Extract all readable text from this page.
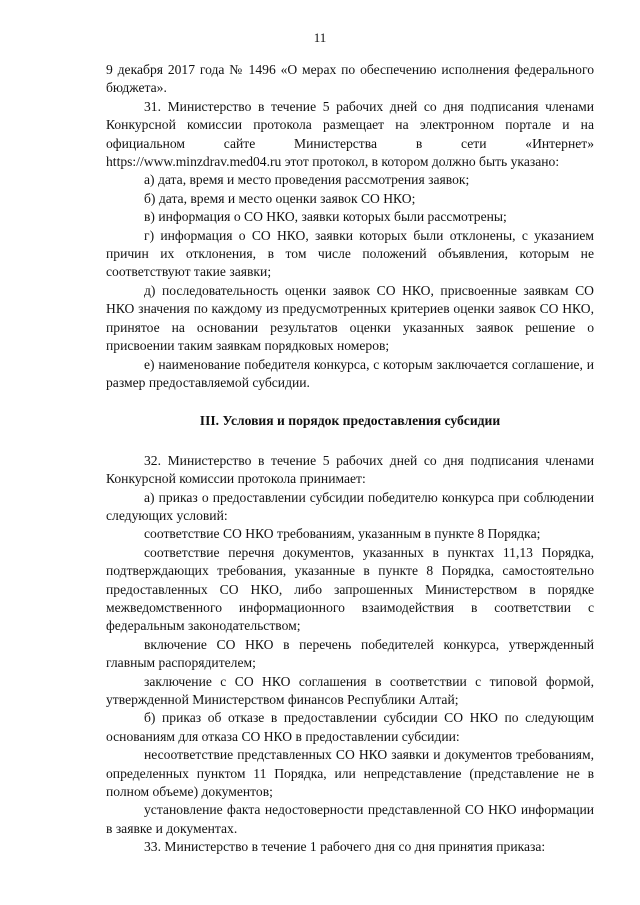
11

9 декабря 2017 года № 1496 «О мерах по обеспечению исполнения федерального бюджета».

31. Министерство в течение 5 рабочих дней со дня подписания членами Конкурсной комиссии протокола размещает на электронном портале и на официальном сайте Министерства в сети «Интернет» https://www.minzdrav.med04.ru этот протокол, в котором должно быть указано:

а) дата, время и место проведения рассмотрения заявок;

б) дата, время и место оценки заявок СО НКО;

в) информация о СО НКО, заявки которых были рассмотрены;

г) информация о СО НКО, заявки которых были отклонены, с указанием причин их отклонения, в том числе положений объявления, которым не соответствуют такие заявки;

д) последовательность оценки заявок СО НКО, присвоенные заявкам СО НКО значения по каждому из предусмотренных критериев оценки заявок СО НКО, принятое на основании результатов оценки указанных заявок решение о присвоении таким заявкам порядковых номеров;

е) наименование победителя конкурса, с которым заключается соглашение, и размер предоставляемой субсидии.

III. Условия и порядок предоставления субсидии

32. Министерство в течение 5 рабочих дней со дня подписания членами Конкурсной комиссии протокола принимает:

а) приказ о предоставлении субсидии победителю конкурса при соблюдении следующих условий:

соответствие СО НКО требованиям, указанным в пункте 8 Порядка;

соответствие перечня документов, указанных в пунктах 11,13 Порядка, подтверждающих требования, указанные в пункте 8 Порядка, самостоятельно предоставленных СО НКО, либо запрошенных Министерством в порядке межведомственного информационного взаимодействия в соответствии с федеральным законодательством;

включение СО НКО в перечень победителей конкурса, утвержденный главным распорядителем;

заключение с СО НКО соглашения в соответствии с типовой формой, утвержденной Министерством финансов Республики Алтай;

б) приказ об отказе в предоставлении субсидии СО НКО по следующим основаниям для отказа СО НКО в предоставлении субсидии:

несоответствие представленных СО НКО заявки и документов требованиям, определенных пунктом 11 Порядка, или непредставление (представление не в полном объеме) документов;

установление факта недостоверности представленной СО НКО информации в заявке и документах.

33. Министерство в течение 1 рабочего дня со дня принятия приказа:
